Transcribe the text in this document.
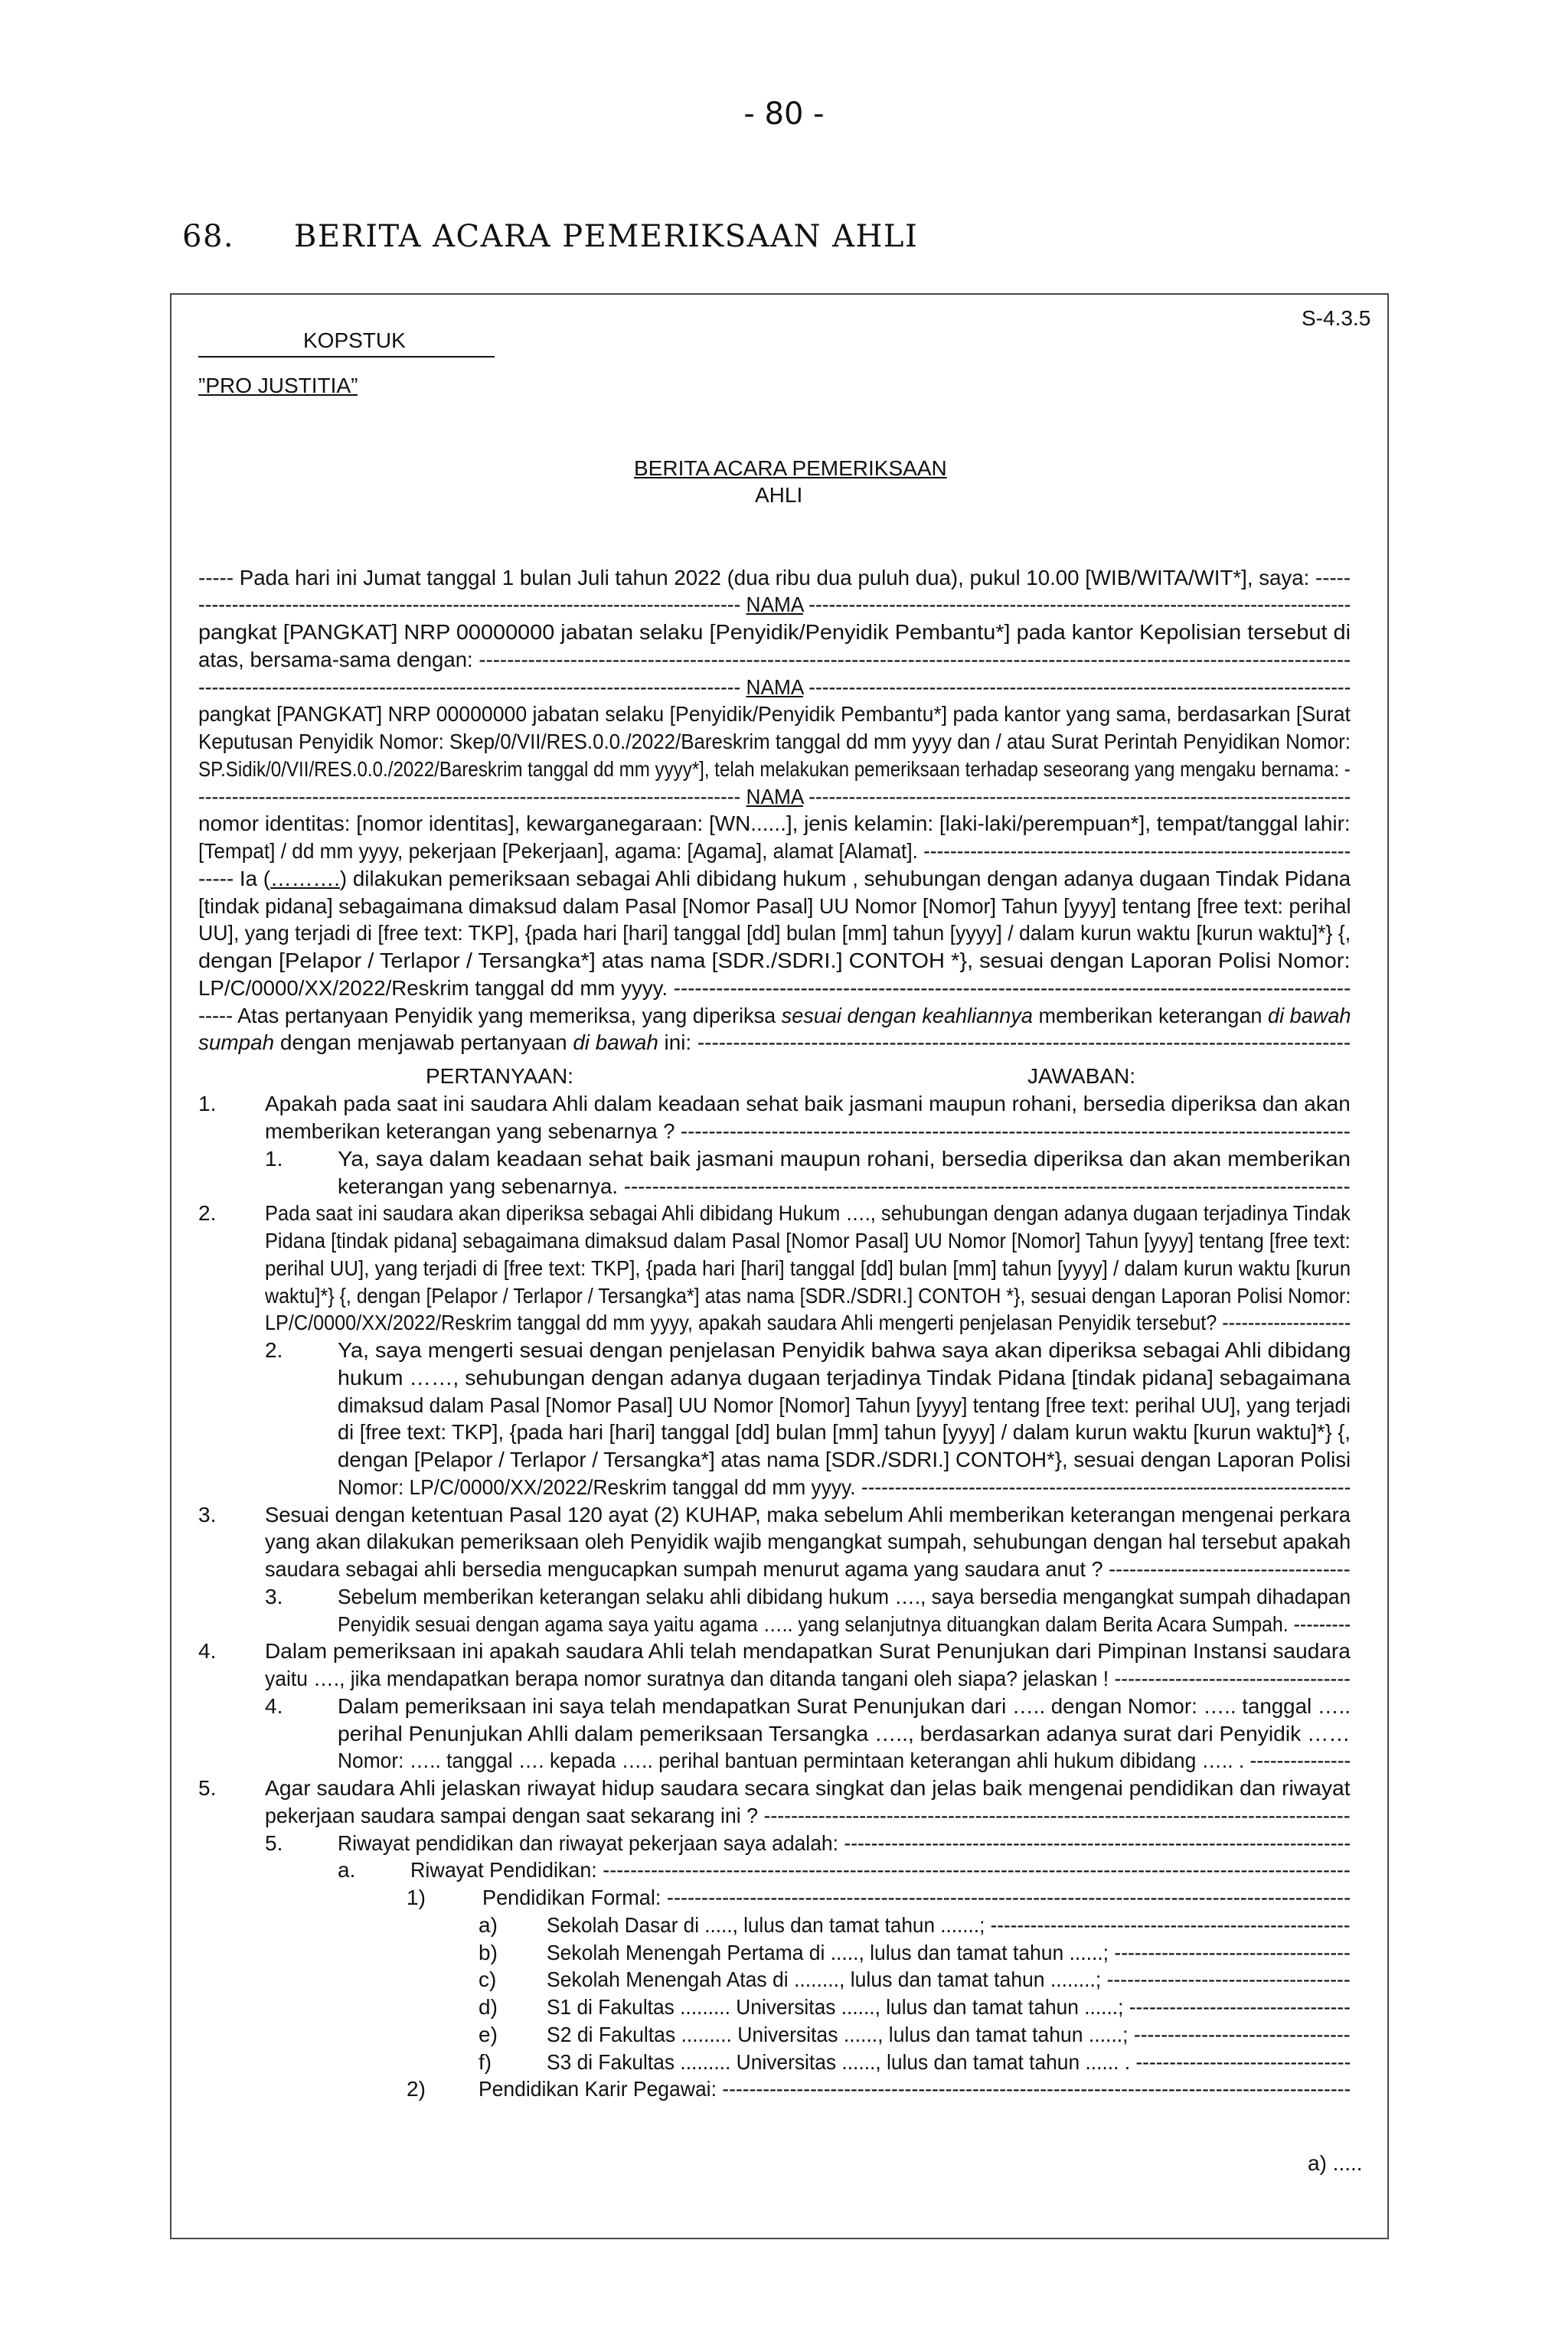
- 80 -
68. BERITA ACARA PEMERIKSAAN AHLI
S-4.3.5
KOPSTUK
”PRO JUSTITIA”
BERITA ACARA PEMERIKSAAN
AHLI
----- Pada hari ini Jumat tanggal 1 bulan Juli tahun 2022 (dua ribu dua puluh dua), pukul 10.00 [WIB/WITA/WIT*], saya: -----
--------------------------------------------------------------------------------- NAMA ---------------------------------------------------------------------------------
pangkat [PANGKAT] NRP 00000000 jabatan selaku [Penyidik/Penyidik Pembantu*] pada kantor Kepolisian tersebut di
atas, bersama-sama dengan: ----------------------------------------------------------------------------------------------------------------------------
--------------------------------------------------------------------------------- NAMA ---------------------------------------------------------------------------------
pangkat [PANGKAT] NRP 00000000 jabatan selaku [Penyidik/Penyidik Pembantu*] pada kantor yang sama, berdasarkan [Surat
Keputusan Penyidik Nomor: Skep/0/VII/RES.0.0./2022/Bareskrim tanggal dd mm yyyy dan / atau Surat Perintah Penyidikan Nomor:
SP.Sidik/0/VII/RES.0.0./2022/Bareskrim tanggal dd mm yyyy*], telah melakukan pemeriksaan terhadap seseorang yang mengaku bernama: -
--------------------------------------------------------------------------------- NAMA ---------------------------------------------------------------------------------
nomor identitas: [nomor identitas], kewarganegaraan: [WN......], jenis kelamin: [laki-laki/perempuan*], tempat/tanggal lahir:
[Tempat] / dd mm yyyy, pekerjaan [Pekerjaan], agama: [Agama], alamat [Alamat]. ----------------------------------------------------------------
----- Ia (……….) dilakukan pemeriksaan sebagai Ahli dibidang hukum , sehubungan dengan adanya dugaan Tindak Pidana
[tindak pidana] sebagaimana dimaksud dalam Pasal [Nomor Pasal] UU Nomor [Nomor] Tahun [yyyy] tentang [free text: perihal
UU], yang terjadi di [free text: TKP], {pada hari [hari] tanggal [dd] bulan [mm] tahun [yyyy] / dalam kurun waktu [kurun waktu]*} {,
dengan [Pelapor / Terlapor / Tersangka*] atas nama [SDR./SDRI.] CONTOH *}, sesuai dengan Laporan Polisi Nomor:
LP/C/0000/XX/2022/Reskrim tanggal dd mm yyyy. ------------------------------------------------------------------------------------------------
----- Atas pertanyaan Penyidik yang memeriksa, yang diperiksa sesuai dengan keahliannya memberikan keterangan di bawah
sumpah dengan menjawab pertanyaan di bawah ini: --------------------------------------------------------------------------------------------
PERTANYAAN:	JAWABAN:
1. Apakah pada saat ini saudara Ahli dalam keadaan sehat baik jasmani maupun rohani, bersedia diperiksa dan akan
memberikan keterangan yang sebenarnya ? ------------------------------------------------------------------------------------------------
1.	Ya, saya dalam keadaan sehat baik jasmani maupun rohani, bersedia diperiksa dan akan memberikan
keterangan yang sebenarnya. -------------------------------------------------------------------------------------------------------
2. Pada saat ini saudara akan diperiksa sebagai Ahli dibidang Hukum …., sehubungan dengan adanya dugaan terjadinya Tindak
Pidana [tindak pidana] sebagaimana dimaksud dalam Pasal [Nomor Pasal] UU Nomor [Nomor] Tahun [yyyy] tentang [free text:
perihal UU], yang terjadi di [free text: TKP], {pada hari [hari] tanggal [dd] bulan [mm] tahun [yyyy] / dalam kurun waktu [kurun
waktu]*} {, dengan [Pelapor / Terlapor / Tersangka*] atas nama [SDR./SDRI.] CONTOH *}, sesuai dengan Laporan Polisi Nomor:
LP/C/0000/XX/2022/Reskrim tanggal dd mm yyyy, apakah saudara Ahli mengerti penjelasan Penyidik tersebut? --------------------
2.	Ya, saya mengerti sesuai dengan penjelasan Penyidik bahwa saya akan diperiksa sebagai Ahli dibidang
hukum ……, sehubungan dengan adanya dugaan terjadinya Tindak Pidana [tindak pidana] sebagaimana
dimaksud dalam Pasal [Nomor Pasal] UU Nomor [Nomor] Tahun [yyyy] tentang [free text: perihal UU], yang terjadi
di [free text: TKP], {pada hari [hari] tanggal [dd] bulan [mm] tahun [yyyy] / dalam kurun waktu [kurun waktu]*} {,
dengan [Pelapor / Terlapor / Tersangka*] atas nama [SDR./SDRI.] CONTOH*}, sesuai dengan Laporan Polisi
Nomor: LP/C/0000/XX/2022/Reskrim tanggal dd mm yyyy. -------------------------------------------------------------------------
3. Sesuai dengan ketentuan Pasal 120 ayat (2) KUHAP, maka sebelum Ahli memberikan keterangan mengenai perkara
yang akan dilakukan pemeriksaan oleh Penyidik wajib mengangkat sumpah, sehubungan dengan hal tersebut apakah
saudara sebagai ahli bersedia mengucapkan sumpah menurut agama yang saudara anut ? -----------------------------------
3.	Sebelum memberikan keterangan selaku ahli dibidang hukum …., saya bersedia mengangkat sumpah dihadapan
Penyidik sesuai dengan agama saya yaitu agama ….. yang selanjutnya dituangkan dalam Berita Acara Sumpah. ---------
4. Dalam pemeriksaan ini apakah saudara Ahli telah mendapatkan Surat Penunjukan dari Pimpinan Instansi saudara
yaitu …., jika mendapatkan berapa nomor suratnya dan ditanda tangani oleh siapa? jelaskan ! -----------------------------------
4.	Dalam pemeriksaan ini saya telah mendapatkan Surat Penunjukan dari ….. dengan Nomor: ….. tanggal …..
perihal Penunjukan Ahlli dalam pemeriksaan Tersangka ….., berdasarkan adanya surat dari Penyidik ……
Nomor: ….. tanggal …. kepada ….. perihal bantuan permintaan keterangan ahli hukum dibidang ….. . ---------------
5. Agar saudara Ahli jelaskan riwayat hidup saudara secara singkat dan jelas baik mengenai pendidikan dan riwayat
pekerjaan saudara sampai dengan saat sekarang ini ? --------------------------------------------------------------------------------------
5.	Riwayat pendidikan dan riwayat pekerjaan saya adalah: ---------------------------------------------------------------------------
a.	Riwayat Pendidikan: -------------------------------------------------------------------------------------------------------------
1)	Pendidikan Formal: ---------------------------------------------------------------------------------------------------
a) Sekolah Dasar di ....., lulus dan tamat tahun .......; ------------------------------------------------------
b) Sekolah Menengah Pertama di ....., lulus dan tamat tahun ......; -----------------------------------
c) Sekolah Menengah Atas di ........, lulus dan tamat tahun ........; ------------------------------------
d) S1 di Fakultas ......... Universitas ......, lulus dan tamat tahun ......; ---------------------------------
e) S2 di Fakultas ......... Universitas ......, lulus dan tamat tahun ......; --------------------------------
f)	S3 di Fakultas ......... Universitas ......, lulus dan tamat tahun ...... . --------------------------------
2) Pendidikan Karir Pegawai: ---------------------------------------------------------------------------------------------
a) .....
